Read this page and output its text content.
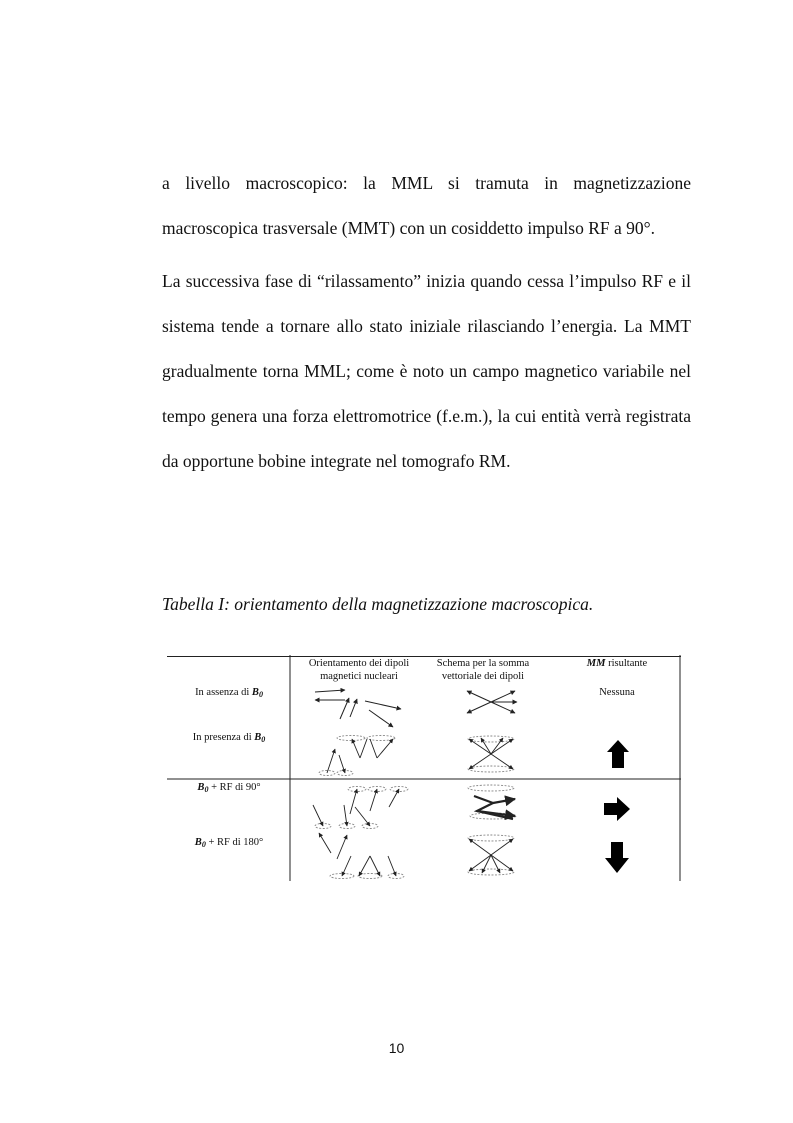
a livello macroscopico: la MML si tramuta in magnetizzazione macroscopica trasversale (MMT) con un cosiddetto impulso RF a 90°.
La successiva fase di “rilassamento” inizia quando cessa l’impulso RF e il sistema tende a tornare allo stato iniziale rilasciando l’energia. La MMT gradualmente torna MML; come è noto un campo magnetico variabile nel tempo genera una forza elettromotrice (f.e.m.), la cui entità verrà registrata da opportune bobine integrate nel tomografo RM.
Tabella I: orientamento della magnetizzazione macroscopica.
Orientamento dei dipoli
magnetici nucleari
Schema per la somma
vettoriale dei dipoli
MM risultante
In assenza di B0
In presenza di B0
B0 + RF di 90°
B0 + RF di 180°
Nessuna
10
